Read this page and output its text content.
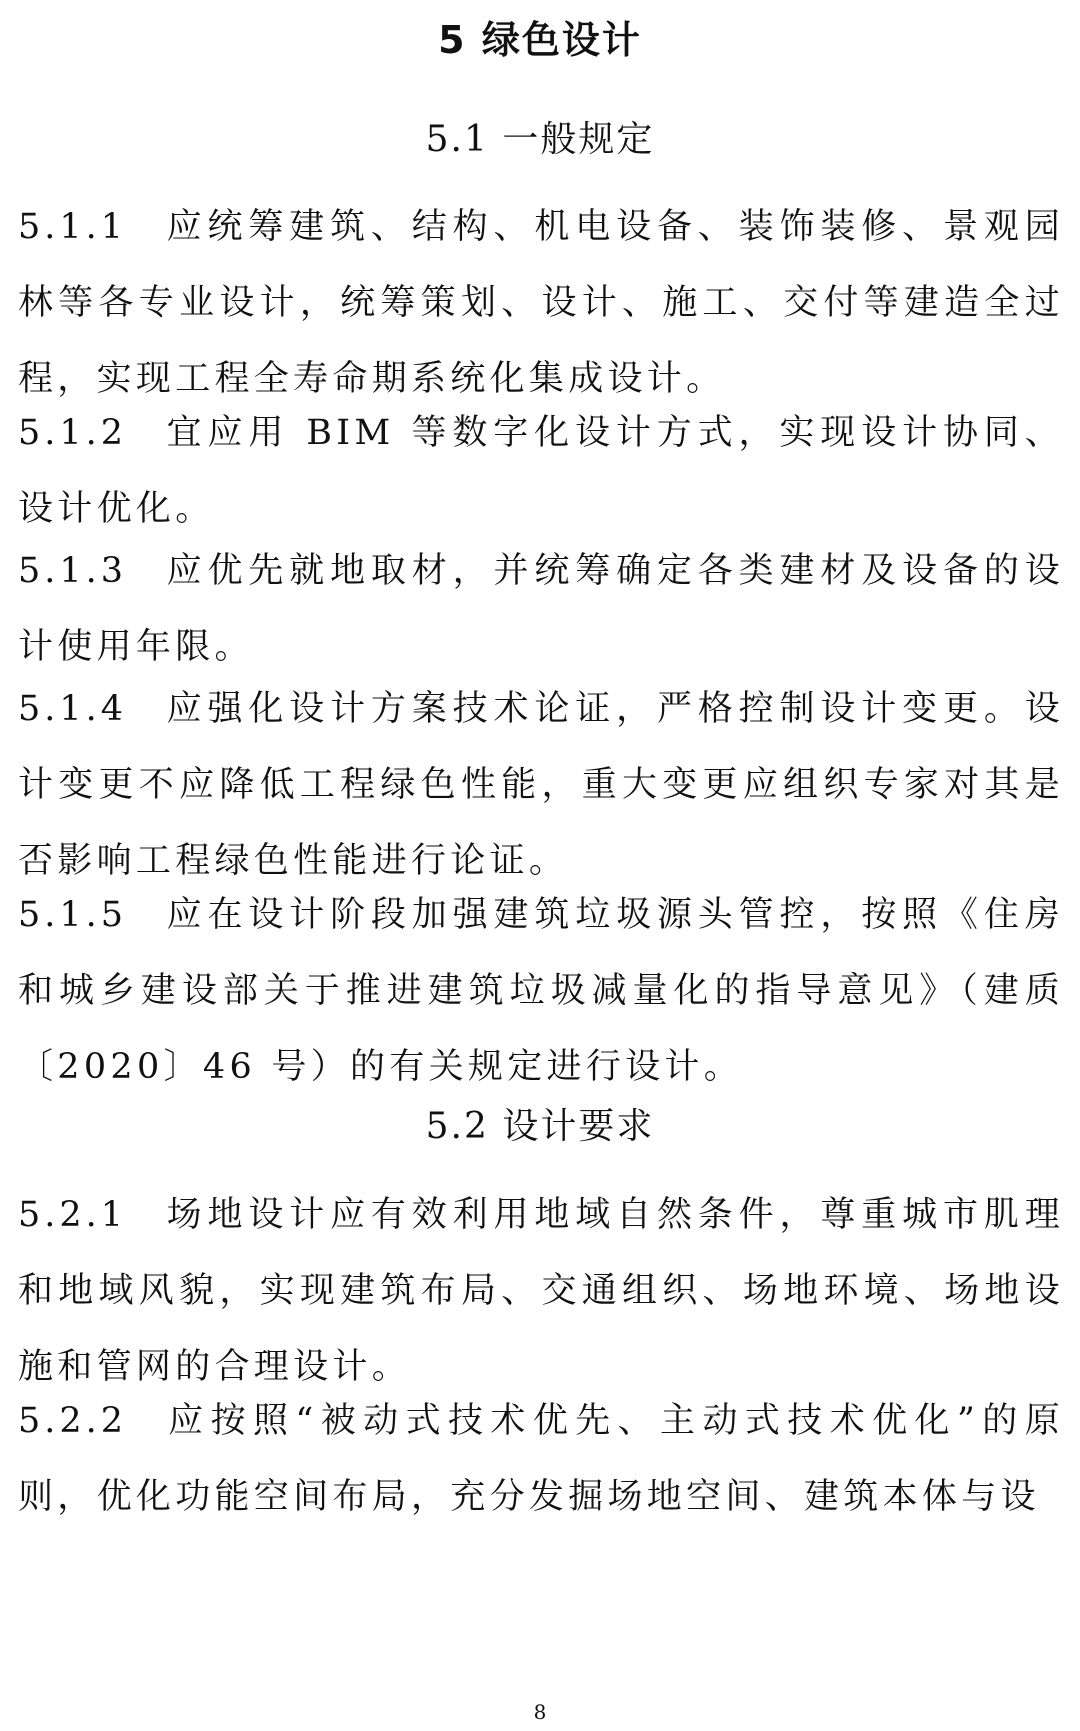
5 绿色设计
5.1 一般规定

5.1.1 应统筹建筑、结构、机电设备、装饰装修、景观园林等各专业设计，统筹策划、设计、施工、交付等建造全过程，实现工程全寿命期系统化集成设计。

5.1.2 宜应用 BIM 等数字化设计方式，实现设计协同、设计优化。

5.1.3 应优先就地取材，并统筹确定各类建材及设备的设计使用年限。

5.1.4 应强化设计方案技术论证，严格控制设计变更。设计变更不应降低工程绿色性能，重大变更应组织专家对其是否影响工程绿色性能进行论证。

5.1.5 应在设计阶段加强建筑垃圾源头管控，按照《住房和城乡建设部关于推进建筑垃圾减量化的指导意见》（建质〔2020〕46 号）的有关规定进行设计。

5.2 设计要求

5.2.1 场地设计应有效利用地域自然条件，尊重城市肌理和地域风貌，实现建筑布局、交通组织、场地环境、场地设施和管网的合理设计。

5.2.2 应按照“被动式技术优先、主动式技术优化”的原则，优化功能空间布局，充分发掘场地空间、建筑本体与设

8
